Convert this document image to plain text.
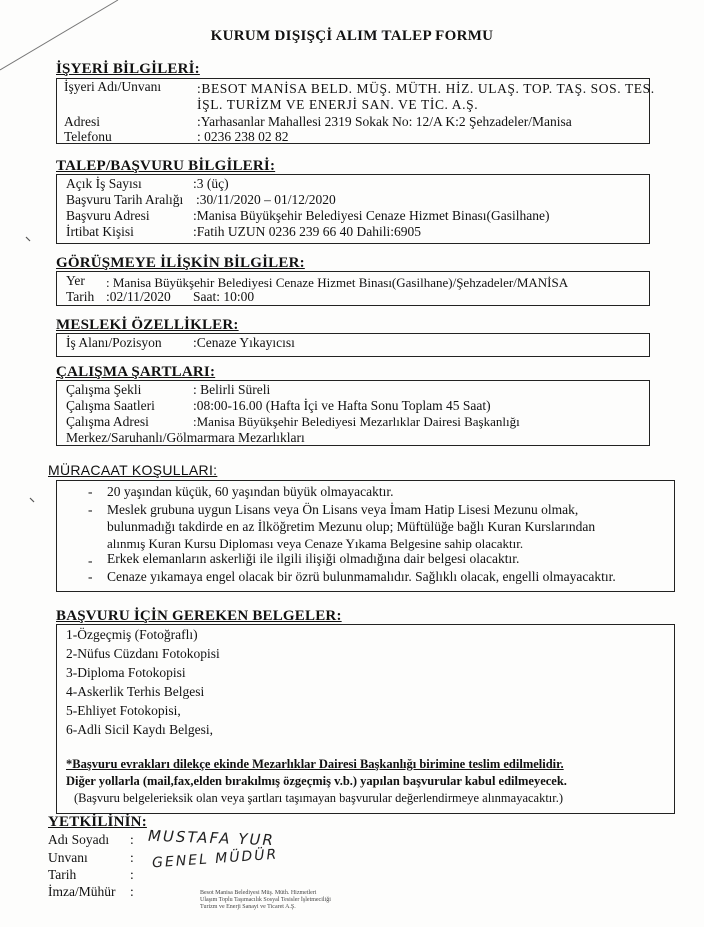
KURUM DIŞIŞÇİ ALIM TALEP FORMU
İŞYERİ BİLGİLERİ:
İşyeri Adı/Unvanı	:BESOT MANİSA BELD. MÜŞ. MÜTH. HİZ. ULAŞ. TOP. TAŞ. SOS. TES.
İŞL. TURİZM VE ENERJİ SAN. VE TİC. A.Ş.
Adresi	:Yarhasanlar Mahallesi 2319 Sokak No: 12/A K:2 Şehzadeler/Manisa
Telefonu	: 0236 238 02 82
TALEP/BAŞVURU BİLGİLERİ:
Açık İş Sayısı	:3 (üç)
Başvuru Tarih Aralığı :30/11/2020 – 01/12/2020
Başvuru Adresi	:Manisa Büyükşehir Belediyesi Cenaze Hizmet Binası(Gasilhane)
İrtibat Kişisi	:Fatih UZUN 0236 239 66 40 Dahili:6905
GÖRÜŞMEYE İLİŞKİN BİLGİLER:
Yer : Manisa Büyükşehir Belediyesi Cenaze Hizmet Binası(Gasilhane)/Şehzadeler/MANİSA
Tarih :02/11/2020 Saat: 10:00
MESLEKİ ÖZELLİKLER:
İş Alanı/Pozisyon :Cenaze Yıkayıcısı
ÇALIŞMA ŞARTLARI:
Çalışma Şekli	: Belirli Süreli
Çalışma Saatleri	:08:00-16.00 (Hafta İçi ve Hafta Sonu Toplam 45 Saat)
Çalışma Adresi	:Manisa Büyükşehir Belediyesi Mezarlıklar Dairesi Başkanlığı
Merkez/Saruhanlı/Gölmarmara Mezarlıkları
MÜRACAAT KOŞULLARI:
- 20 yaşından küçük, 60 yaşından büyük olmayacaktır.
- Meslek grubuna uygun Lisans veya Ön Lisans veya İmam Hatip Lisesi Mezunu olmak,
bulunmadığı takdirde en az İlköğretim Mezunu olup; Müftülüğe bağlı Kuran Kurslarından
alınmış Kuran Kursu Diploması veya Cenaze Yıkama Belgesine sahip olacaktır.
- Erkek elemanların askerliği ile ilgili ilişiği olmadığına dair belgesi olacaktır.
- Cenaze yıkamaya engel olacak bir özrü bulunmamalıdır. Sağlıklı olacak, engelli olmayacaktır.
BAŞVURU İÇİN GEREKEN BELGELER:
1-Özgeçmiş (Fotoğraflı)
2-Nüfus Cüzdanı Fotokopisi
3-Diploma Fotokopisi
4-Askerlik Terhis Belgesi
5-Ehliyet Fotokopisi,
6-Adli Sicil Kaydı Belgesi,
*Başvuru evrakları dilekçe ekinde Mezarlıklar Dairesi Başkanlığı birimine teslim edilmelidir.
Diğer yollarla (mail,fax,elden bırakılmış özgeçmiş v.b.) yapılan başvurular kabul edilmeyecek.
(Başvuru belgelerieksik olan veya şartları taşımayan başvurular değerlendirmeye alınmayacaktır.)
YETKİLİNİN:
Adı Soyadı : MUSTAFA YUR
Unvanı	: GENEL MÜDÜR
Tarih	:
İmza/Mühür :	Besot Manisa Belediyesi Müş. Müth. Hizmetleri
Ulaşım Toplu Taşımacılık Sosyal Tesisler İşletmeciliği
Turizm ve Enerji Sanayi ve Ticaret A.Ş.
